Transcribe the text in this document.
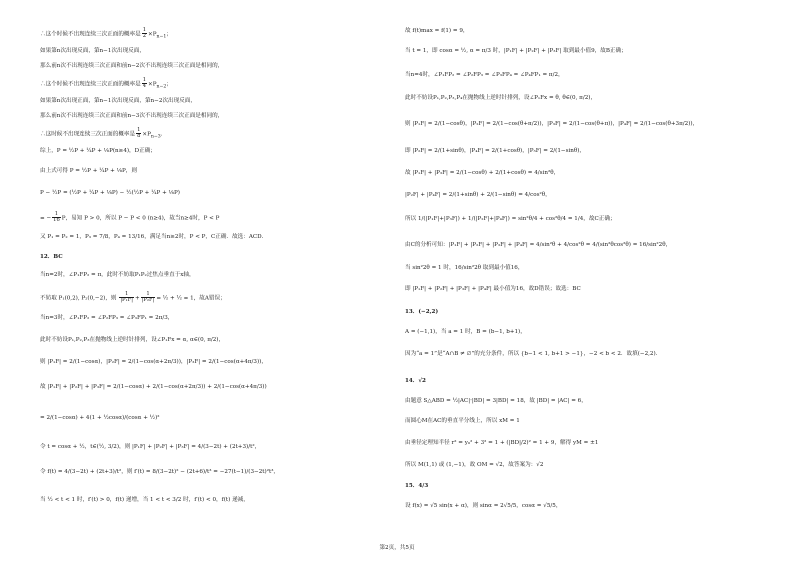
∴这个时候不出现连续三次正面的概率是 $\frac{1}{2} \times P_{n-1}$；
如果第n次出现反面，第n−1次出现反面，
那么前n次不出现连续三次正面和前n−2次不出现连续三次正面是相同的，
∴这个时候不出现连续三次正面的概率是 $\frac{1}{4} \times P_{n-2}$；
如果第n次出现正面，第n−1次出现反面，第n−2次出现反面，
那么前n次不出现连续三次正面和前n−3次不出现连续三次正面是相同的，
∴这时候不出现连续三次正面的概率是 $\frac{1}{8} \times P_{n-3}$．
综上，P = ½P + ¼P + ⅛P(n≥4)，D正确；
由上式可得 P = ½P + ¼P + ⅛P，则
P − ½P = (½P + ¼P + ⅛P) − ½(½P + ¼P + ⅛P)
= − $\frac{1}{16}$ P，易知 P > 0，所以 P − P < 0 (n≥4)，故当n≥4时，P < P
又 P₁ = P₂ = 1，P₃ = 7/8，P₄ = 13/16，满足当n≥2时，P < P，C正确．故选：ACD.
12．BC
当n=2时，∠P₁FP₂ = π，此时不妨取P₁P₂过焦点垂直于x轴，
不妨取 P₁(0,2), P₂(0,−2)，则 $\frac{1}{\text{|P₁F|}} + \frac{1}{\text{|P₂F|}}$ = ½ + ½ = 1，故A错误；
当n=3时，∠P₁FP₂ = ∠P₂FP₃ = ∠P₃FP₁ = 2π/3，
此时不妨设P₁,P₂,P₃在抛物线上逆时针排列，设∠P₁Fx = α, α∈(0, π/2)，
则 |P₁F| = 2/(1−cosα)，|P₂F| = 2/(1−cos(α+2π/3))，|P₃F| = 2/(1−cos(α+4π/3))，
故 |P₁F| + |P₂F| + |P₃F| = 2/(1−cosα) + 2/(1−cos(α+2π/3)) + 2/(1−cos(α+4π/3))
= 2/(1−cosα) + 4(1 + ½cosα)/(cosα + ½)²
令 t = cosα + ½，t∈(½, 3/2)，则 |P₁F| + |P₂F| + |P₃F| = 4/(3−2t) + (2t+3)/t²，
令 f(t) = 4/(3−2t) + (2t+3)/t²，则 f′(t) = 8/(3−2t)² − (2t+6)/t³ = −27(t−1)/(3−2t)²t³，
当 ½ < t < 1 时，f′(t) > 0，f(t) 递增，当 1 < t < 3/2 时，f′(t) < 0，f(t) 递减，
故 f(t)max = f(1) = 9，
当 t = 1，即 cosα = ½, α = π/3 时，|P₁F| + |P₂F| + |P₃F| 取到最小值9，故B正确；
当n=4时，∠P₁FP₂ = ∠P₂FP₃ = ∠P₃FP₄ = ∠P₄FP₁ = π/2，
此时不妨设P₁,P₂,P₃,P₄在抛物线上逆时针排列，设∠P₁Fx = θ, θ∈(0, π/2)，
则 |P₁F| = 2/(1−cosθ)，|P₂F| = 2/(1−cos(θ+π/2))，|P₃F| = 2/(1−cos(θ+π))，|P₄F| = 2/(1−cos(θ+3π/2))，
即 |P₂F| = 2/(1+sinθ)，|P₄F| = 2/(1+cosθ)，|P₃F| = 2/(1−sinθ)，
故 |P₁F| + |P₃F| = 2/(1−cosθ) + 2/(1+cosθ) = 4/sin²θ，
|P₂F| + |P₄F| = 2/(1+sinθ) + 2/(1−sinθ) = 4/cos²θ，
所以 1/(|P₁F|+|P₃F|) + 1/(|P₂F|+|P₄F|) = sin²θ/4 + cos²θ/4 = 1/4，故C正确；
由C的分析可知：|P₁F| + |P₂F| + |P₃F| + |P₄F| = 4/sin²θ + 4/cos²θ = 4/(sin²θcos²θ) = 16/sin²2θ，
当 sin²2θ = 1 时，16/sin²2θ 取到最小值16，
即 |P₁F| + |P₂F| + |P₃F| + |P₄F| 最小值为16，故D错误；故选：BC
13．(−2,2)
A = (−1,1)，当 a = 1 时，B = (b−1, b+1)，
因为“a = 1”是“A∩B ≠ ∅”的充分条件，所以 {b−1 < 1, b+1 > −1}，−2 < b < 2．故填(−2,2).
14．√2
由题意 S△ABD = ½|AC|·|BD| = 3|BD| = 18，故 |BD| = |AC| = 6，
而圆心M在AC的垂直平分线上，所以 xM = 1
由垂径定理知半径 r² = y₀² + 3² = 1 + (|BD|/2)² = 1 + 9，解得 yM = ±1
所以 M(1,1) 或 (1,−1)，故 OM = √2，故答案为：√2
15．4/3
设 f(x) = √5 sin(x + α)，则 sinα = 2√5/5，cosα = √5/5，
第2页，共5页
